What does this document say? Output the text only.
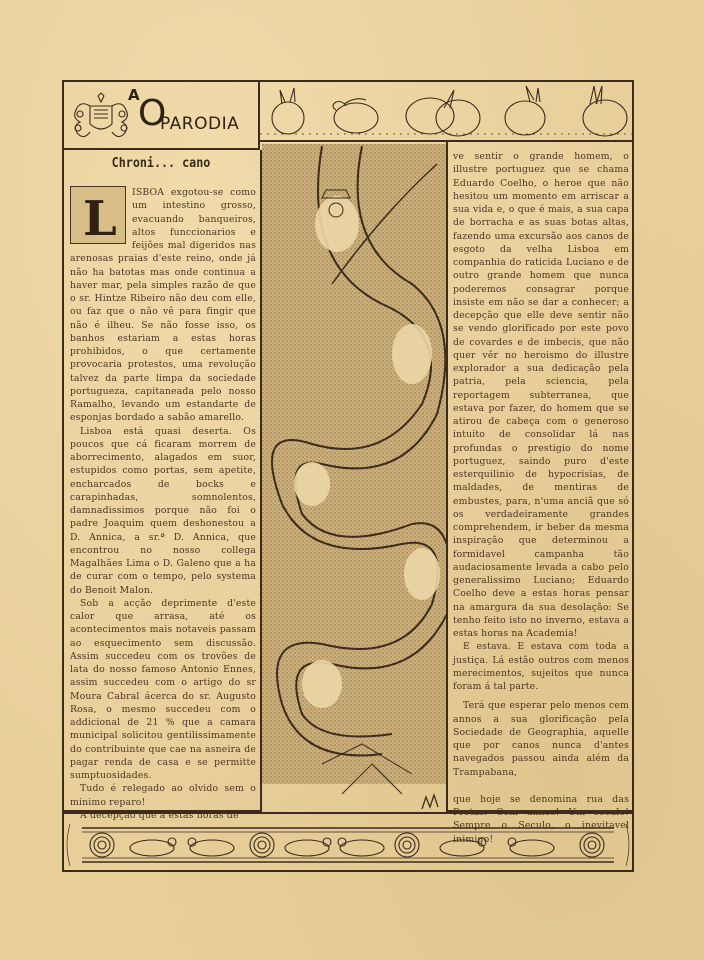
A
O
PARODIA
Chroni... cano
L	ISBOA exgotou-se como um intestino grosso, evacuando banqueiros, altos funccionarios e feijões mal digeridos nas arenosas praias d'este reino, onde já não ha batotas mas onde continua a haver mar, pela simples razão de que o sr. Hintze Ribeiro não deu com elle, ou faz que o não vê para fingir que não é ilheu. Se não fosse isso, os banhos estariam a estas horas prohibidos, o que certamente provocaria protestos, uma revolução talvez da parte limpa da sociedade portugueza, capitaneada pelo nosso Ramalho, levando um estandarte de esponjas bordado a sabão amarello.

Lisboa está quasi deserta. Os poucos que cá ficaram morrem de aborrecimento, alagados em suor, estupidos como portas, sem apetite, encharcados de bocks e carapinhadas, somnolentos, damnadissimos porque não foi o padre Joaquim quem deshonestou a D. Annica, a sr.ª D. Annica, que encontrou no nosso collega Magalhães Lima o D. Galeno que a ha de curar com o tempo, pelo systema do Benoit Malon.

Sob a acção deprimente d'este calor que arrasa, até os acontecimentos mais notaveis passam ao esquecimento sem discussão. Assim succedeu com os trovões de lata do nosso famoso Antonio Ennes, assim succedeu com o artigo do sr Moura Cabral ácerca do sr. Augusto Rosa, o mesmo succedeu com o addicional de 21 % que a camara municipal solicitou gentilissimamente do contribuinte que cae na asneira de pagar renda de casa e se permitte sumptuosidades.

Tudo é relegado ao olvido sem o minimo reparo!

A decepção que a estas horas de

ve sentir o grande homem, o illustre portuguez que se chama Eduardo Coelho, o heroe que não hesitou um momento em arriscar a sua vida e, o que é mais, a sua capa de borracha e as suas botas altas, fazendo uma excursão aos canos de esgoto da velha Lisboa em companhia do raticida Luciano e de outro grande homem que nunca poderemos consagrar porque insiste em não se dar a conhecer; a decepção que elle deve sentir não se vendo glorificado por este povo de covardes e de imbecis, que não quer vêr no heroismo do illustre explorador a sua dedicação pela patria, pela sciencia, pela reportagem subterranea, que estava por fazer, do homem que se atirou de cabeça com o generoso intuito de consolidar lá nas profundas o prestigio do nome portuguez, saindo puro d'este esterquilinio de hypocrisias, de maldades, de mentiras de embustes, para, n'uma anciã que só os verdadeiramente grandes comprehendem, ir beber da mesma inspiração que determinou a formidavel campanha tão audaciosamente levada a cabo pelo generalissimo Luciano; Eduardo Coelho deve a estas horas pensar na amargura da sua desolação: Se tenho feito isto no inverno, estava a estas horas na Academia!

E estava. E estava com toda a justiça. Lá estão outros com menos merecimentos, sujeitos que nunca foram á tal parte.

Terá que esperar pelo menos cem annos a sua glorificação pela Sociedade de Geographia, aquelle que por canos nunca d'antes navegados passou ainda além da Trampabana,

que hoje se denomina rua das Pretas. Cem annos! Um seculo! Sempre o Seculo, o inevitavel inimigo!
